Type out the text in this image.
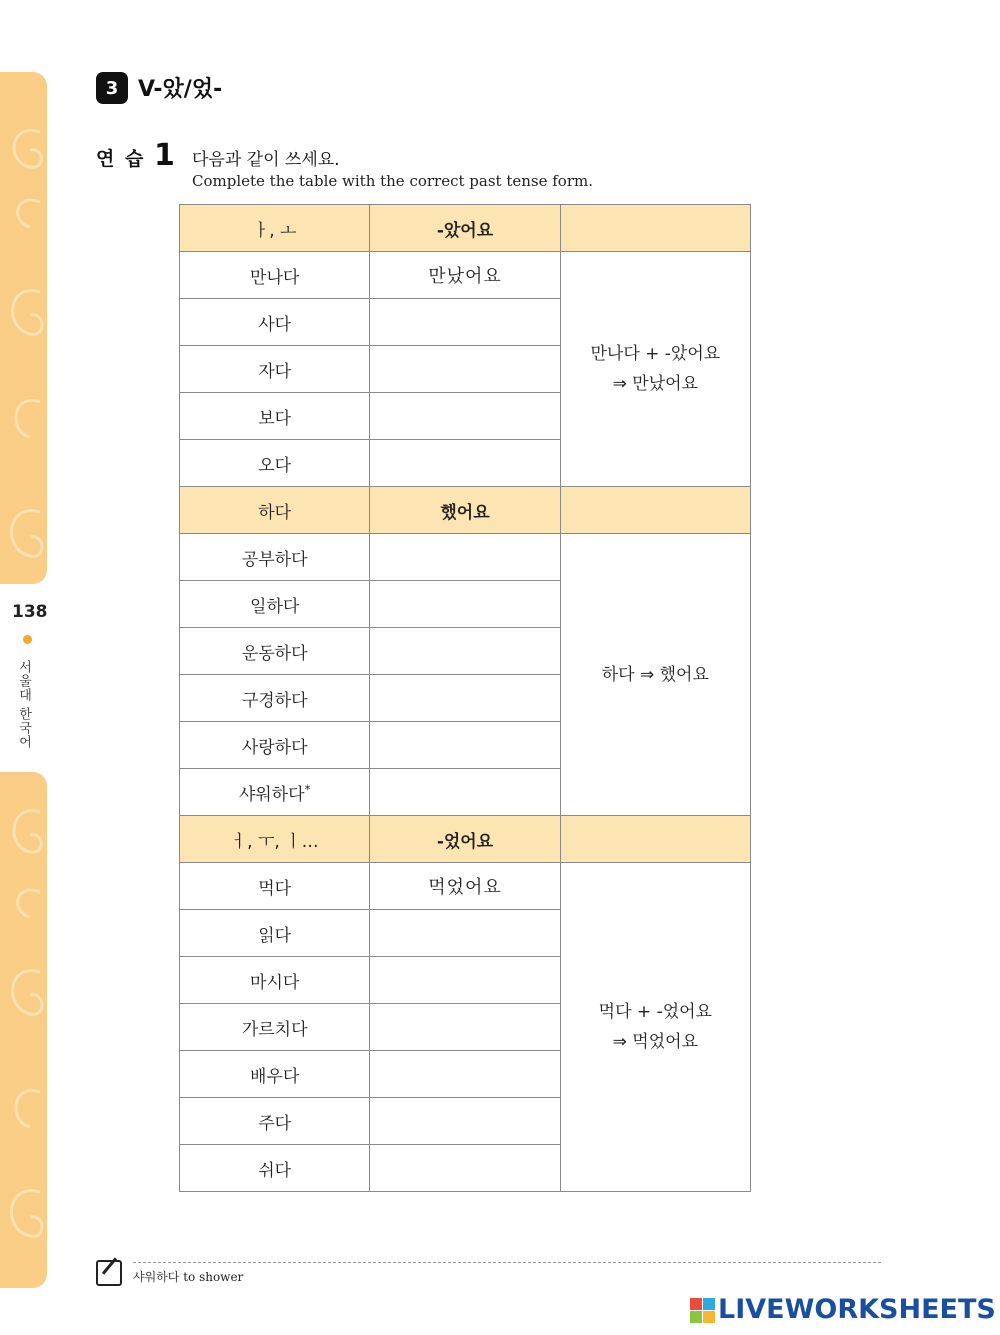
138
서울대 한국어
3 V-았/었-
연 습 1 다음과 같이 쓰세요.
Complete the table with the correct past tense form.
ㅏ, ㅗ	-았어요	
만나다	만났어요	만나다 + -았어요
⇒ 만났어요

사다		
자다		
보다		
오다		
하다	했어요	
공부하다		하다 ⇒ 했어요

일하다		
운동하다		
구경하다		
사랑하다		
샤워하다*	
ㅓ, ㅜ, ㅣ…	-었어요	
먹다	먹었어요	먹다 + -었어요
⇒ 먹었어요

읽다		
마시다		
가르치다		
배우다		
주다		
쉬다		
샤워하다 to shower
LIVEWORKSHEETS
